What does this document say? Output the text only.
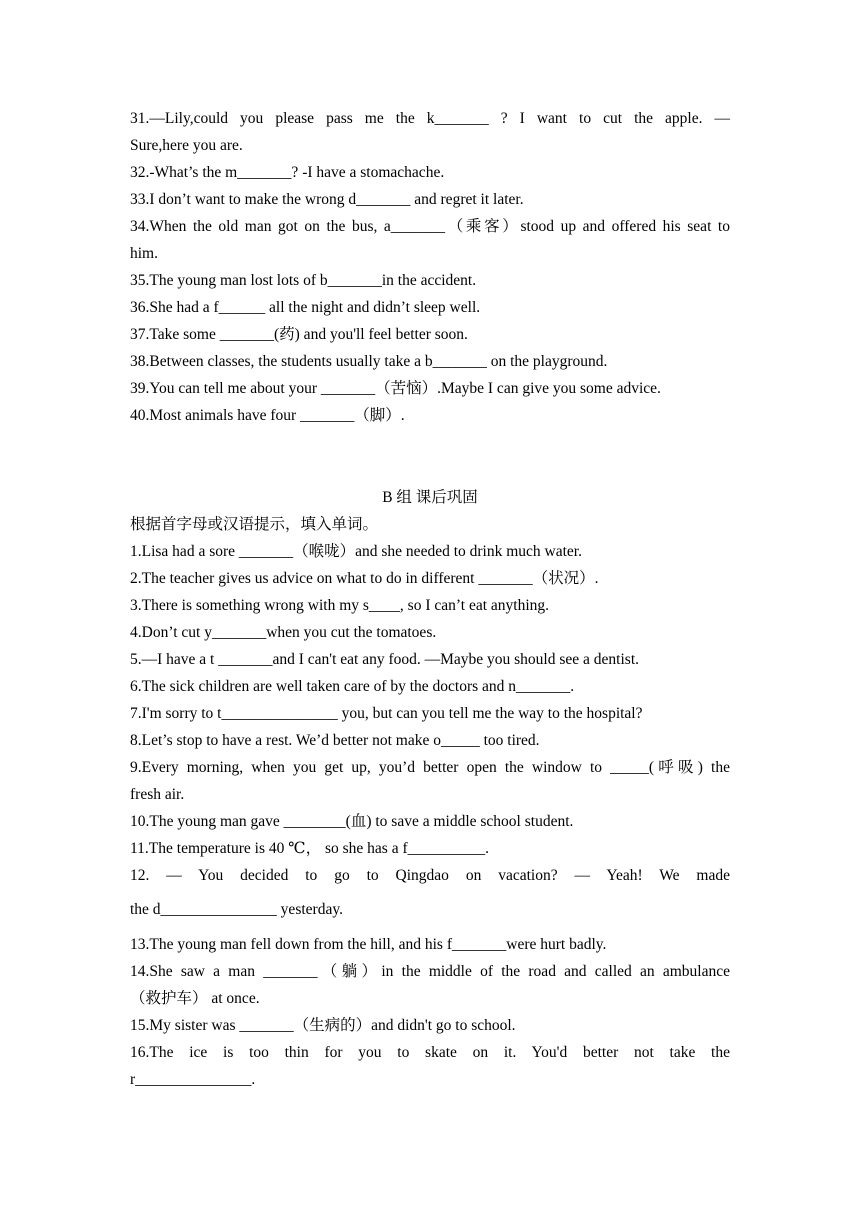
31.—Lily,could you please pass me the k_______ ? I want to cut the apple. —
Sure,here you are.
32.-What’s the m_______? -I have a stomachache.
33.I don’t want to make the wrong d_______ and regret it later.
34.When the old man got on the bus, a_______（乘客）stood up and offered his seat to
him.
35.The young man lost lots of b_______in the accident.
36.She had a f______ all the night and didn’t sleep well.
37.Take some _______(药) and you'll feel better soon.
38.Between classes, the students usually take a b_______ on the playground.
39.You can tell me about your _______（苦恼）.Maybe I can give you some advice.
40.Most animals have four _______（脚）.
B 组 课后巩固
根据首字母或汉语提示，填入单词。
1.Lisa had a sore _______（喉咙）and she needed to drink much water.
2.The teacher gives us advice on what to do in different _______（状况）.
3.There is something wrong with my s____, so I can’t eat anything.
4.Don’t cut y_______when you cut the tomatoes.
5.—I have a t _______and I can't eat any food. —Maybe you should see a dentist.
6.The sick children are well taken care of by the doctors and n_______.
7.I'm sorry to t_______________ you, but can you tell me the way to the hospital?
8.Let’s stop to have a rest. We’d better not make o_____ too tired.
9.Every morning, when you get up, you’d better open the window to _____(呼吸) the
fresh air.
10.The young man gave ________(血) to save a middle school student.
11.The temperature is 40 ℃， so she has a f__________.
12. — You decided to go to Qingdao on vacation? — Yeah! We made
the d_______________ yesterday.
13.The young man fell down from the hill, and his f_______were hurt badly.
14.She saw a man _______（躺）in the middle of the road and called an ambulance
（救护车） at once.
15.My sister was _______（生病的）and didn't go to school.
16.The ice is too thin for you to skate on it. You'd better not take the
r_______________.
